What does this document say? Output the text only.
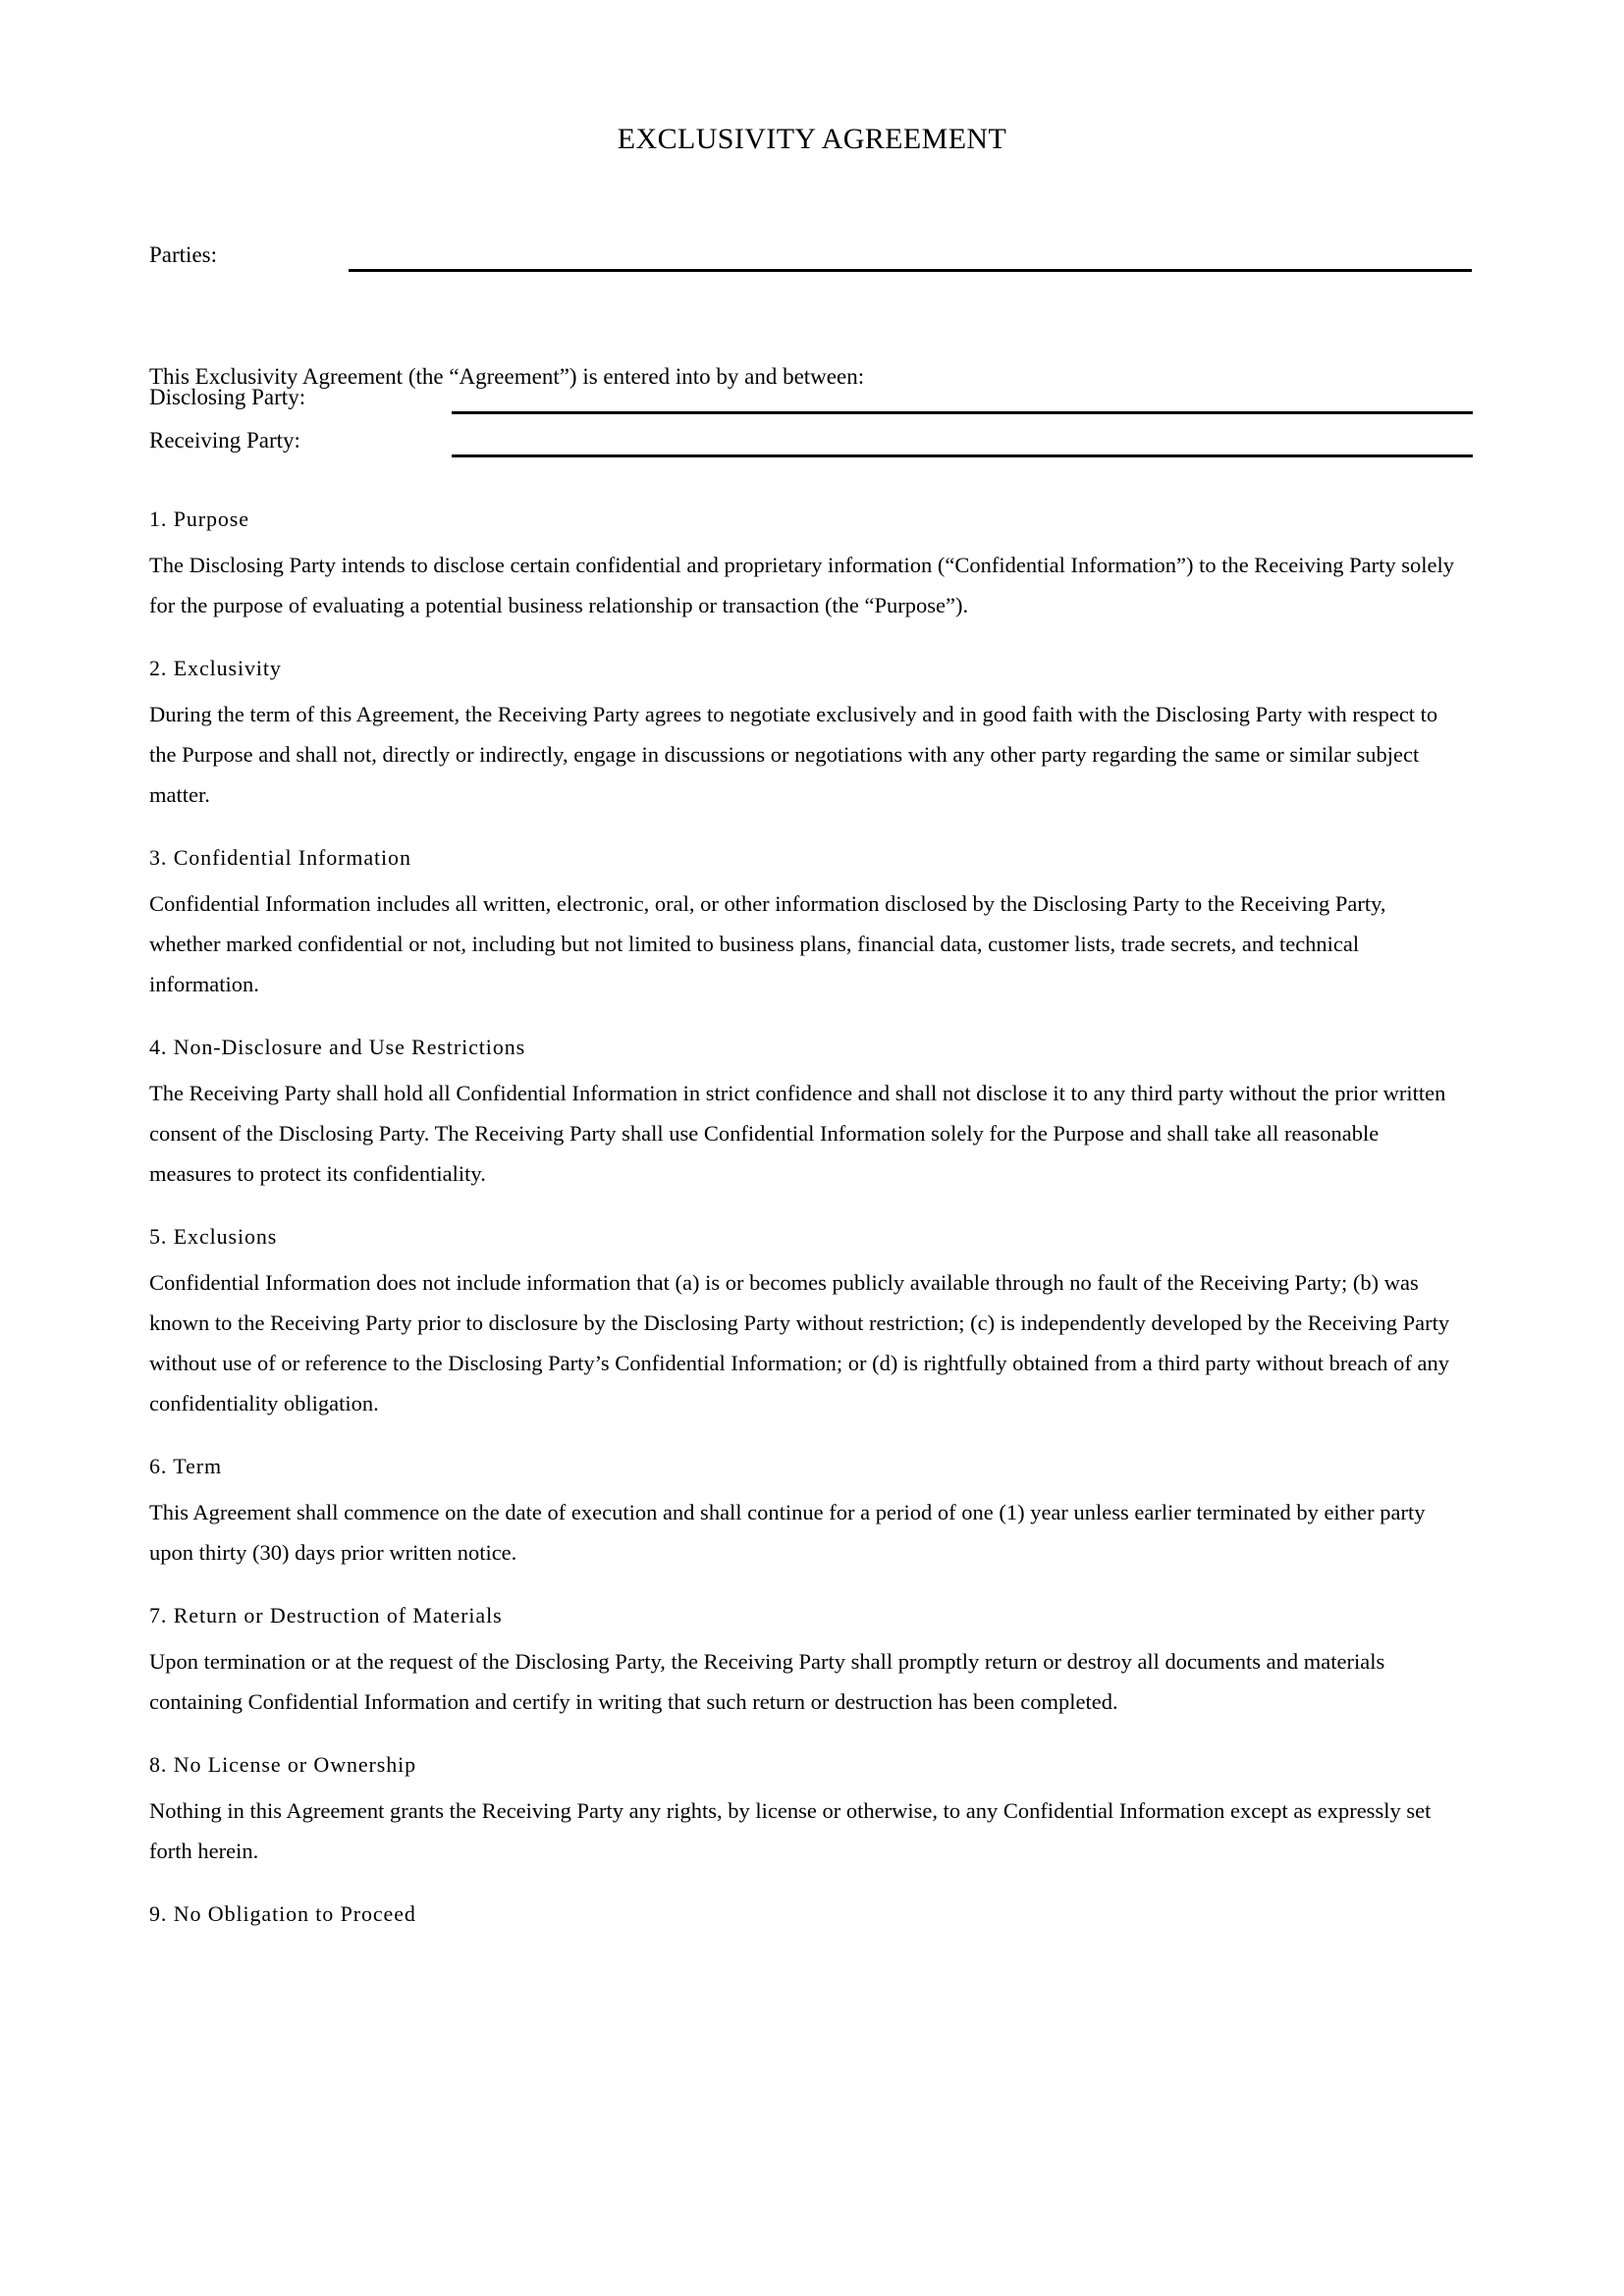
EXCLUSIVITY AGREEMENT
Parties:

This Exclusivity Agreement (the “Agreement”) is entered into by and between:

Disclosing Party:
Receiving Party:
1. Purpose

The Disclosing Party intends to disclose certain confidential and proprietary information (“Confidential Information”) to the Receiving Party solely for the purpose of evaluating a potential business relationship or transaction (the “Purpose”).

2. Exclusivity

During the term of this Agreement, the Receiving Party agrees to negotiate exclusively and in good faith with the Disclosing Party with respect to the Purpose and shall not, directly or indirectly, engage in discussions or negotiations with any other party regarding the same or similar subject matter.

3. Confidential Information

Confidential Information includes all written, electronic, oral, or other information disclosed by the Disclosing Party to the Receiving Party, whether marked confidential or not, including but not limited to business plans, financial data, customer lists, trade secrets, and technical information.

4. Non-Disclosure and Use Restrictions

The Receiving Party shall hold all Confidential Information in strict confidence and shall not disclose it to any third party without the prior written consent of the Disclosing Party. The Receiving Party shall use Confidential Information solely for the Purpose and shall take all reasonable measures to protect its confidentiality.

5. Exclusions

Confidential Information does not include information that (a) is or becomes publicly available through no fault of the Receiving Party; (b) was known to the Receiving Party prior to disclosure by the Disclosing Party without restriction; (c) is independently developed by the Receiving Party without use of or reference to the Disclosing Party’s Confidential Information; or (d) is rightfully obtained from a third party without breach of any confidentiality obligation.

6. Term

This Agreement shall commence on the date of execution and shall continue for a period of one (1) year unless earlier terminated by either party upon thirty (30) days prior written notice.

7. Return or Destruction of Materials

Upon termination or at the request of the Disclosing Party, the Receiving Party shall promptly return or destroy all documents and materials containing Confidential Information and certify in writing that such return or destruction has been completed.

8. No License or Ownership

Nothing in this Agreement grants the Receiving Party any rights, by license or otherwise, to any Confidential Information except as expressly set forth herein.

9. No Obligation to Proceed
